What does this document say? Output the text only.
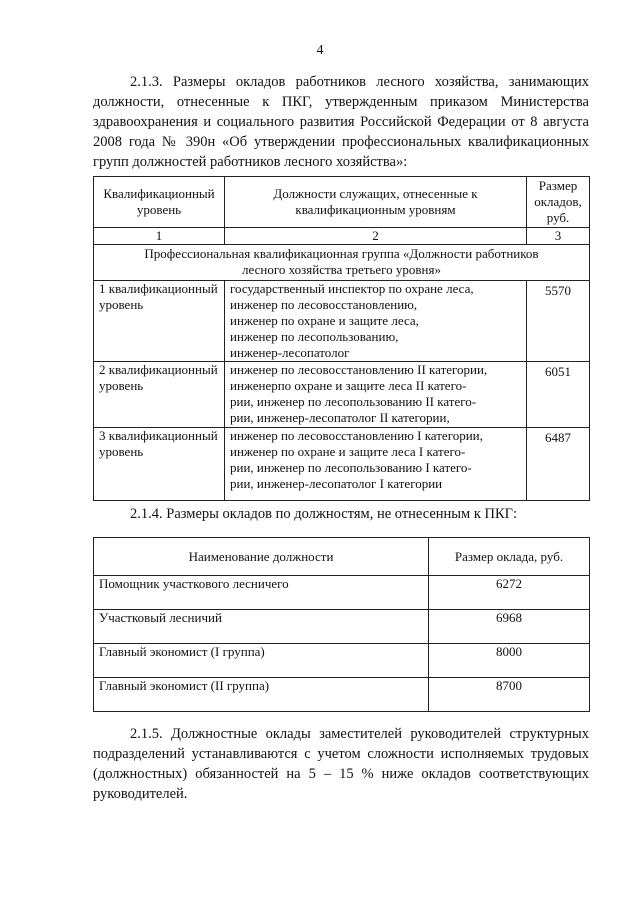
4
2.1.3. Размеры окладов работников лесного хозяйства, занимающих должности, отнесенные к ПКГ, утвержденным приказом Министерства здравоохранения и социального развития Российской Федерации от 8 августа 2008 года № 390н «Об утверждении профессиональных квалификационных групп должностей работников лесного хозяйства»:
Квалификационный уровень	Должности служащих, отнесенные к квалификационным уровням	Размер окладов, руб.
1	2	3
Профессиональная квалификационная группа «Должности работников лесного хозяйства третьего уровня»		
1 квалификационный уровень	государственный инспектор по охране леса,
инженер по лесовосстановлению,
инженер по охране и защите леса,
инженер по лесопользованию,
инженер-лесопатолог	5570
2 квалификационный уровень	инженер по лесовосстановлению II категории,
инженерпо охране и защите леса II катего-
рии, инженер по лесопользованию II катего-
рии, инженер-лесопатолог II категории,	6051
3 квалификационный уровень	инженер по лесовосстановлению I категории,
инженер по охране и защите леса I катего-
рии, инженер по лесопользованию I катего-
рии, инженер-лесопатолог I категории	6487
2.1.4. Размеры окладов по должностям, не отнесенным к ПКГ:
Наименование должности	Размер оклада, руб.
Помощник участкового лесничего	6272
Участковый лесничий	6968
Главный экономист (I группа)	8000
Главный экономист (II группа)	8700
2.1.5. Должностные оклады заместителей руководителей структурных подразделений устанавливаются с учетом сложности исполняемых трудовых (должностных) обязанностей на 5 – 15 % ниже окладов соответствующих руководителей.
